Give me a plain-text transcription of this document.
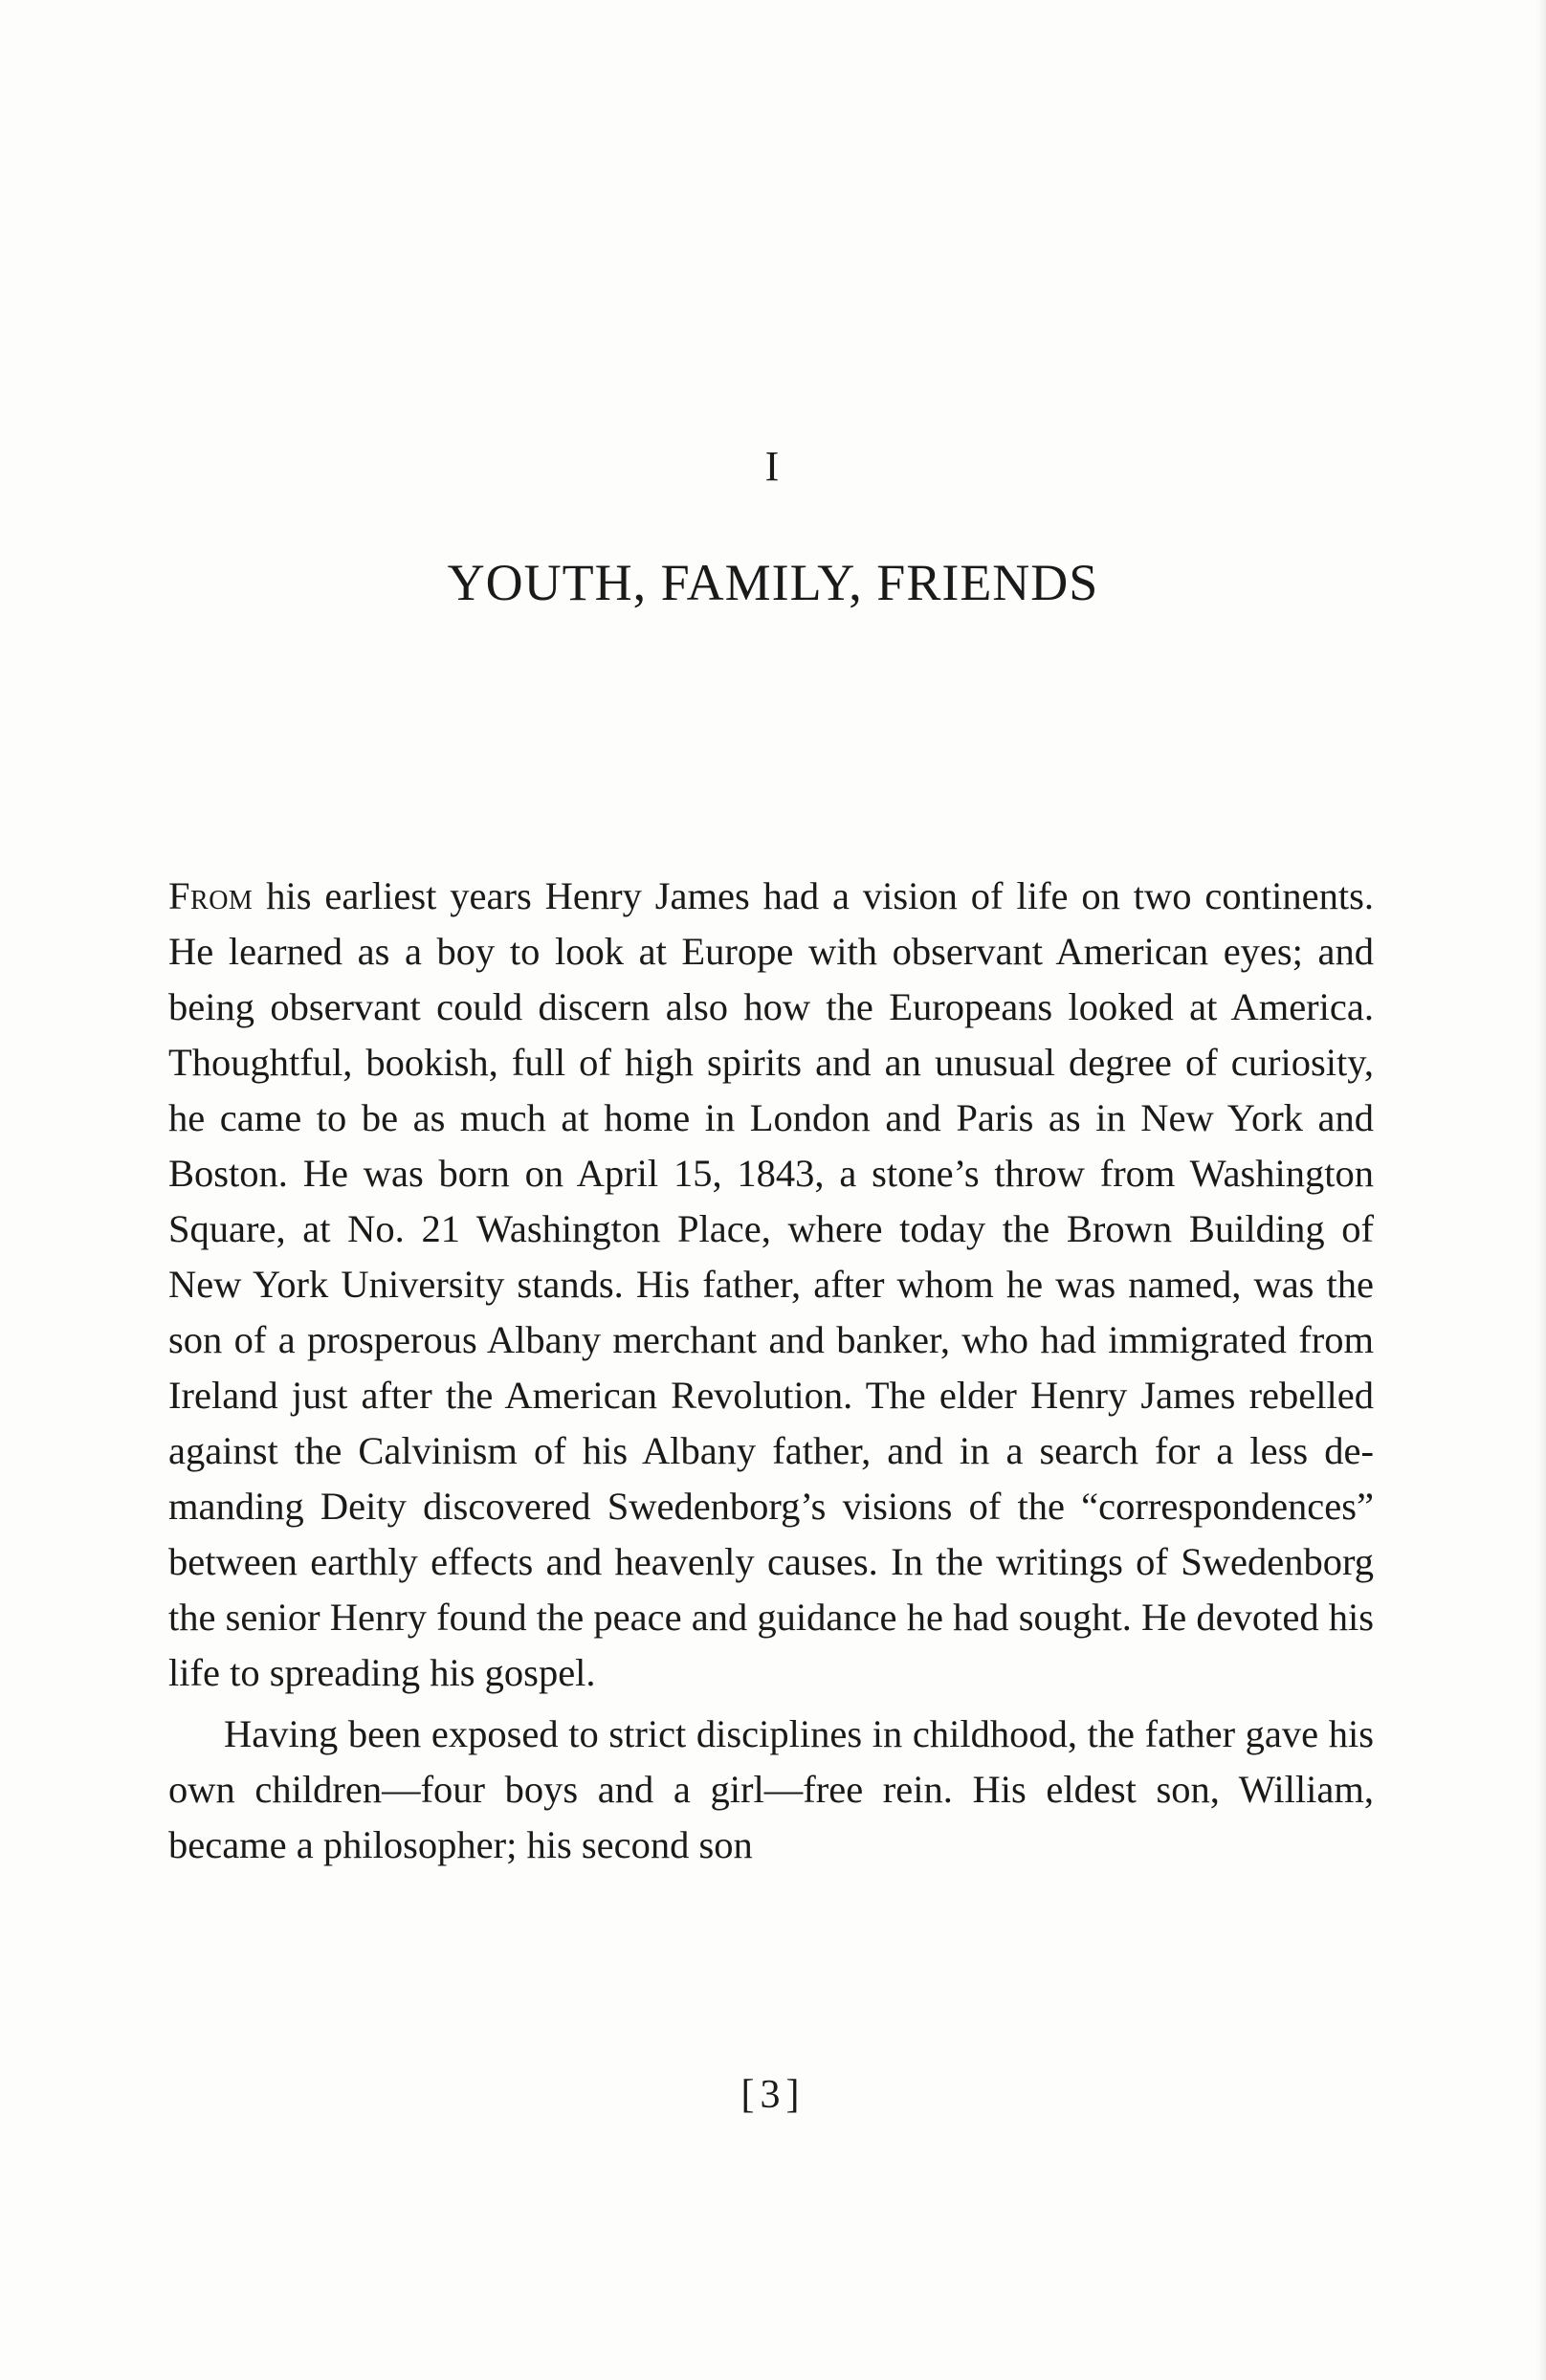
I
YOUTH, FAMILY, FRIENDS

From his earliest years Henry James had a vision of life on two continents. He learned as a boy to look at Europe with observant American eyes; and being observant could discern also how the Europeans looked at America. Thoughtful, bookish, full of high spirits and an unusual degree of curiosity, he came to be as much at home in London and Paris as in New York and Boston. He was born on April 15, 1843, a stone’s throw from Washington Square, at No. 21 Washington Place, where today the Brown Building of New York University stands. His father, after whom he was named, was the son of a prosperous Albany merchant and banker, who had immigrated from Ireland just after the American Revolution. The elder Henry James rebelled against the Calvinism of his Albany father, and in a search for a less demanding Deity discovered Swedenborg’s visions of the “correspondences” between earthly effects and heavenly causes. In the writings of Swedenborg the senior Henry found the peace and guidance he had sought. He devoted his life to spreading his gospel.

Having been exposed to strict disciplines in childhood, the father gave his own children—four boys and a girl—free rein. His eldest son, William, became a philosopher; his second son

[3]
